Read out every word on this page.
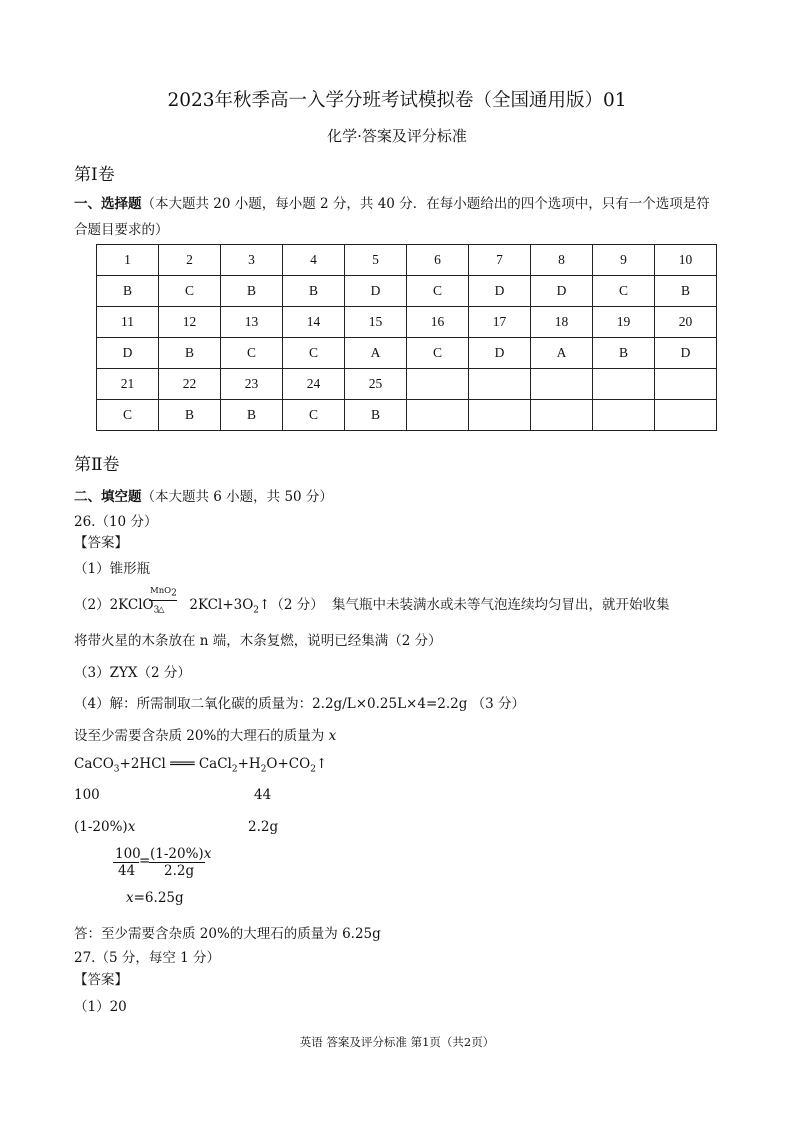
2023年秋季高一入学分班考试模拟卷（全国通用版）01
化学·答案及评分标准
第Ⅰ卷
一、选择题（本大题共 20 小题，每小题 2 分，共 40 分．在每小题给出的四个选项中，只有一个选项是符
合题目要求的）
1	2	3	4	5	6	7	8	9	10
B	C	B	B	D	C	D	D	C	B
11	12	13	14	15	16	17	18	19	20
D	B	C	C	A	C	D	A	B	D
21	22	23	24	25					
C	B	B	C	B					
第Ⅱ卷
二、填空题（本大题共 6 小题，共 50 分）
26.（10 分）
【答案】
（1）锥形瓶
（2）2KClO$_3$ $2KCl+3O_2↑(2$ 分）
MnO$_2$
△	集气瓶中未装满水或未等气泡连续均匀冒出，就开始收集
将带火星的木条放在 n 端，木条复燃，说明已经集满（2 分）
（3）ZYX（2 分）
（4）解：所需制取二氧化碳的质量为：2.2g/L×0.25L×4=2.2g （3 分）
设至少需要含杂质 20%的大理石的质量为 x
CaCO$_3$+2HCl ═══ $CaCl_2+H_2O+CO_2↑$
100	44
(1-20%)x	2.2g
100
44
= (1-20%)x
2.2g
x=6.25g
答：至少需要含杂质 20%的大理石的质量为 6.25g
27.（5 分，每空 1 分）
【答案】
（1）20
英语 答案及评分标准 第1页（共2页）
